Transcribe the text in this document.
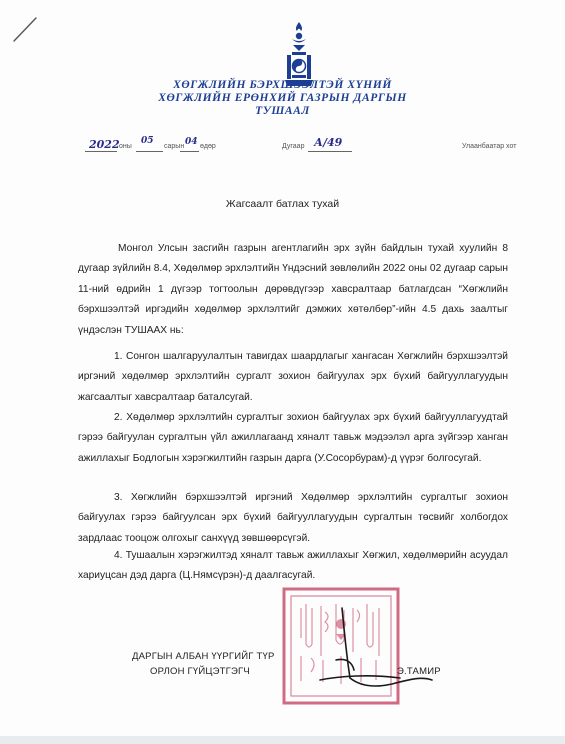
ХӨГЖЛИЙН БЭРХШЭЭЛТЭЙ ХҮНИЙ
ХӨГЖЛИЙН ЕРӨНХИЙ ГАЗРЫН ДАРГЫН
ТУШААЛ
2022 оны
05
сарын 04 өдөр	Дугаар А/49	Улаанбаатар хот
Жагсаалт батлах тухай
Монгол Улсын засгийн газрын агентлагийн эрх зүйн байдлын тухай хуулийн 8 дугаар зүйлийн 8.4, Хөдөлмөр эрхлэлтийн Үндэсний зөвлөлийн 2022 оны 02 дугаар сарын 11-ний өдрийн 1 дүгээр тогтоолын дөрөвдүгээр хавсралтаар батлагдсан “Хөгжлийн бэрхшээлтэй иргэдийн хөдөлмөр эрхлэлтийг дэмжих хөтөлбөр”-ийн 4.5 дахь заалтыг үндэслэн ТУШААХ нь:
1. Сонгон шалгаруулалтын тавигдах шаардлагыг хангасан Хөгжлийн бэрхшээлтэй иргэний хөдөлмөр эрхлэлтийн сургалт зохион байгуулах эрх бүхий байгууллагуудын жагсаалтыг хавсралтаар баталсугай.
2. Хөдөлмөр эрхлэлтийн сургалтыг зохион байгуулах эрх бүхий байгууллагуудтай гэрээ байгуулан сургалтын үйл ажиллагаанд хяналт тавьж мэдээлэл арга зүйгээр ханган ажиллахыг Бодлогын хэрэгжилтийн газрын дарга (У.Сосорбурам)-д үүрэг болгосугай.
3. Хөгжлийн бэрхшээлтэй иргэний Хөдөлмөр эрхлэлтийн сургалтыг зохион байгуулах гэрээ байгуулсан эрх бүхий байгууллагуудын сургалтын төсвийг холбогдох зардлаас тооцож олгохыг санхүүд зөвшөөрсүгэй.
4. Тушаалын хэрэгжилтэд хяналт тавьж ажиллахыг Хөгжил, хөдөлмөрийн асуудал хариуцсан дэд дарга (Ц.Нямсүрэн)-д даалгасугай.
ДАРГЫН АЛБАН ҮҮРГИЙГ ТҮР
ОРЛОН ГҮЙЦЭТГЭГЧ	Э.ТАМИР
